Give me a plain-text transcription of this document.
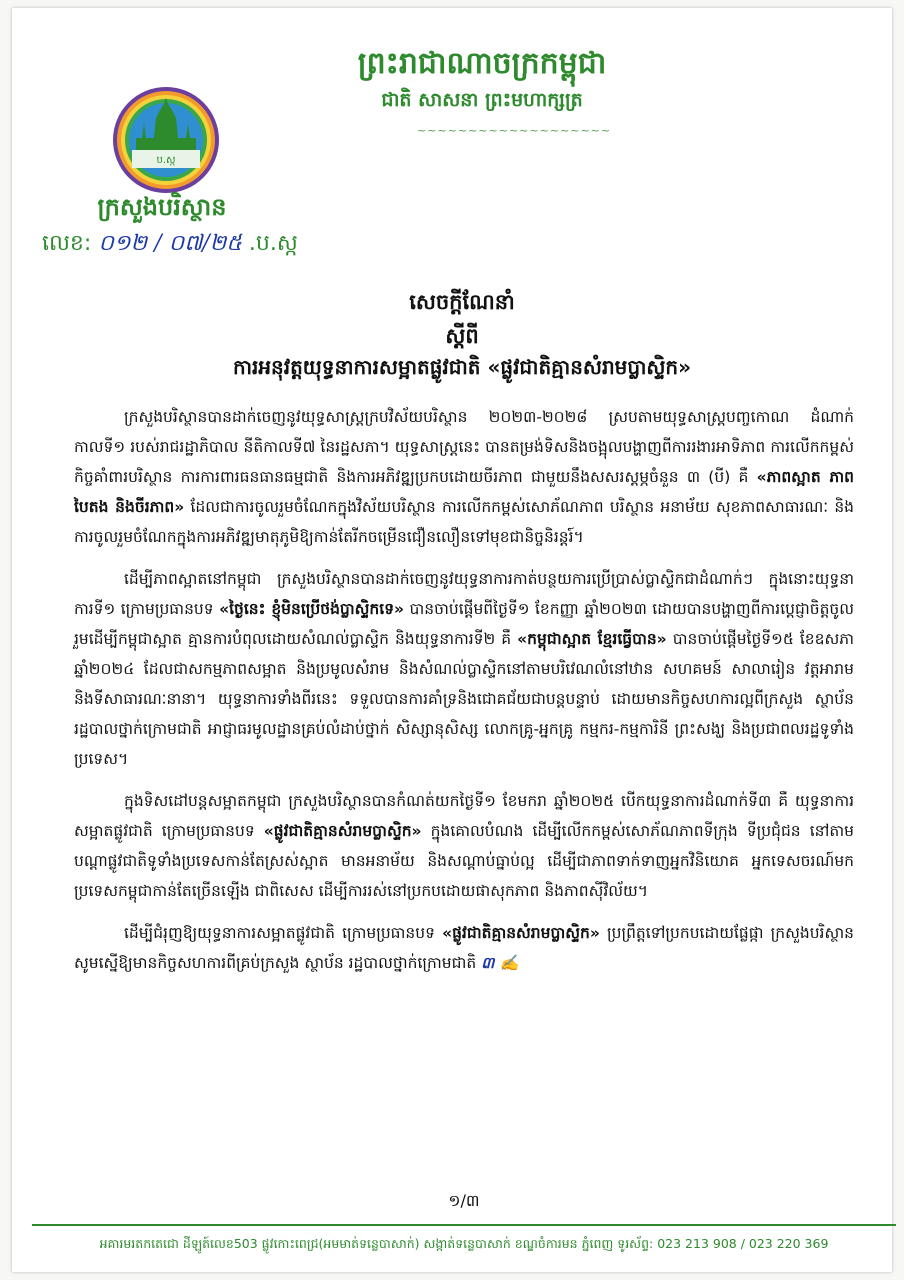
ព្រះរាជាណាចក្រកម្ពុជា
ជាតិ សាសនា ព្រះមហាក្សត្រ
~~~~~~~~~~~~~~~~~~~
ប.ស្ក
ក្រសួងបរិស្ថាន
លេខ: ០១២ / ០៧/២៥ .ប.ស្ក
សេចក្តីណែនាំ
ស្តីពី
ការអនុវត្តយុទ្ធនាការសម្អាតផ្លូវជាតិ «ផ្លូវជាតិគ្មានសំរាមប្លាស្ទិក»

ក្រសួងបរិស្ថានបានដាក់ចេញនូវយុទ្ធសាស្ត្រក្របវិស័យបរិស្ថាន ២០២៣-២០២៨ ស្របតាមយុទ្ធសាស្ត្របញ្ចកោណ ដំណាក់កាលទី១ របស់រាជរដ្ឋាភិបាល នីតិកាលទី៧ នៃរដ្ឋសភា។ យុទ្ធសាស្ត្រនេះ បានតម្រង់ទិសនិងចង្អុលបង្ហាញពីការរងារអាទិភាព ការលើកកម្ពស់កិច្ចគាំពារបរិស្ថាន ការការពារធនធានធម្មជាតិ និងការអភិវឌ្ឍប្រកបដោយចីរភាព ជាមួយនឹងសសរស្តម្ភចំនួន ៣ (បី) គឺ «ភាពស្អាត ភាពបៃតង និងចីរភាព» ដែលជាការចូលរួមចំណែកក្នុងវិស័យបរិស្ថាន ការលើកកម្ពស់សោភ័ណភាព បរិស្ថាន អនាម័យ សុខភាពសាធារណៈ និងការចូលរួមចំណែកក្នុងការអភិវឌ្ឍមាតុភូមិឱ្យកាន់តែរីកចម្រើនជឿនលឿនទៅមុខជានិច្ចនិរន្តរ៍។

ដើម្បីភាពស្អាតនៅកម្ពុជា ក្រសួងបរិស្ថានបានដាក់ចេញនូវយុទ្ធនាការកាត់បន្ថយការប្រើប្រាស់ប្លាស្ទិកជាដំណាក់ៗ ក្នុងនោះយុទ្ធនាការទី១ ក្រោមប្រធានបទ «ថ្ងៃនេះ ខ្ញុំមិនប្រើថង់ប្លាស្ទិកទេ» បានចាប់ផ្តើមពីថ្ងៃទី១ ខែកញ្ញា ឆ្នាំ២០២៣ ដោយបានបង្ហាញពីការប្តេជ្ញាចិត្តចូលរួមដើម្បីកម្ពុជាស្អាត គ្មានការបំពុលដោយសំណល់ប្លាស្ទិក និងយុទ្ធនាការទី២ គឺ «កម្ពុជាស្អាត ខ្មែរធ្វើបាន» បានចាប់ផ្តើមថ្ងៃទី១៥ ខែឧសភា ឆ្នាំ២០២៤ ដែលជាសកម្មភាពសម្អាត និងប្រមូលសំរាម និងសំណល់ប្លាស្ទិកនៅតាមបរិវេណលំនៅឋាន សហគមន៍ សាលារៀន វត្តអារាម និងទីសាធារណៈនានា។ យុទ្ធនាការទាំងពីរនេះ ទទួលបានការគាំទ្រនិងជោគជ័យជាបន្តបន្ទាប់ ដោយមានកិច្ចសហការល្អពីក្រសួង ស្ថាប័ន រដ្ឋបាលថ្នាក់ក្រោមជាតិ អាជ្ញាធរមូលដ្ឋានគ្រប់លំដាប់ថ្នាក់ សិស្សានុសិស្ស លោកគ្រូ-អ្នកគ្រូ កម្មករ-កម្មការិនី ព្រះសង្ឃ និងប្រជាពលរដ្ឋទូទាំងប្រទេស។

ក្នុងទិសដៅបន្តសម្អាតកម្ពុជា ក្រសួងបរិស្ថានបានកំណត់យកថ្ងៃទី១ ខែមករា ឆ្នាំ២០២៥ បើកយុទ្ធនាការដំណាក់ទី៣ គឺ យុទ្ធនាការសម្អាតផ្លូវជាតិ ក្រោមប្រធានបទ «ផ្លូវជាតិគ្មានសំរាមប្លាស្ទិក» ក្នុងគោលបំណង ដើម្បីលើកកម្ពស់សោភ័ណភាពទីក្រុង ទីប្រជុំជន នៅតាមបណ្តាផ្លូវជាតិទូទាំងប្រទេសកាន់តែស្រស់ស្អាត មានអនាម័យ និងសណ្តាប់ធ្នាប់ល្អ ដើម្បីជាភាពទាក់ទាញអ្នកវិនិយោគ អ្នកទេសចរណ៍មកប្រទេសកម្ពុជាកាន់តែច្រើនឡើង ជាពិសេស ដើម្បីការរស់នៅប្រកបដោយផាសុកភាព និងភាពស៊ីវិល័យ។

ដើម្បីជំរុញឱ្យយុទ្ធនាការសម្អាតផ្លូវជាតិ ក្រោមប្រធានបទ «ផ្លូវជាតិគ្មានសំរាមប្លាស្ទិក» ប្រព្រឹត្តទៅប្រកបដោយផ្លែផ្កា ក្រសួងបរិស្ថាន សូមស្នើឱ្យមានកិច្ចសហការពីគ្រប់ក្រសួង ស្ថាប័ន រដ្ឋបាលថ្នាក់ក្រោមជាតិ ៣ ✍

១/៣
អគារមរតកតេជោ ដីឡូត៍លេខ503 ផ្លូវកោះពេជ្រ(អមមាត់ទន្លេបាសាក់) សង្កាត់ទន្លេបាសាក់ ខណ្ឌចំការមន ភ្នំពេញ ទូរស័ព្ទ: 023 213 908 / 023 220 369
